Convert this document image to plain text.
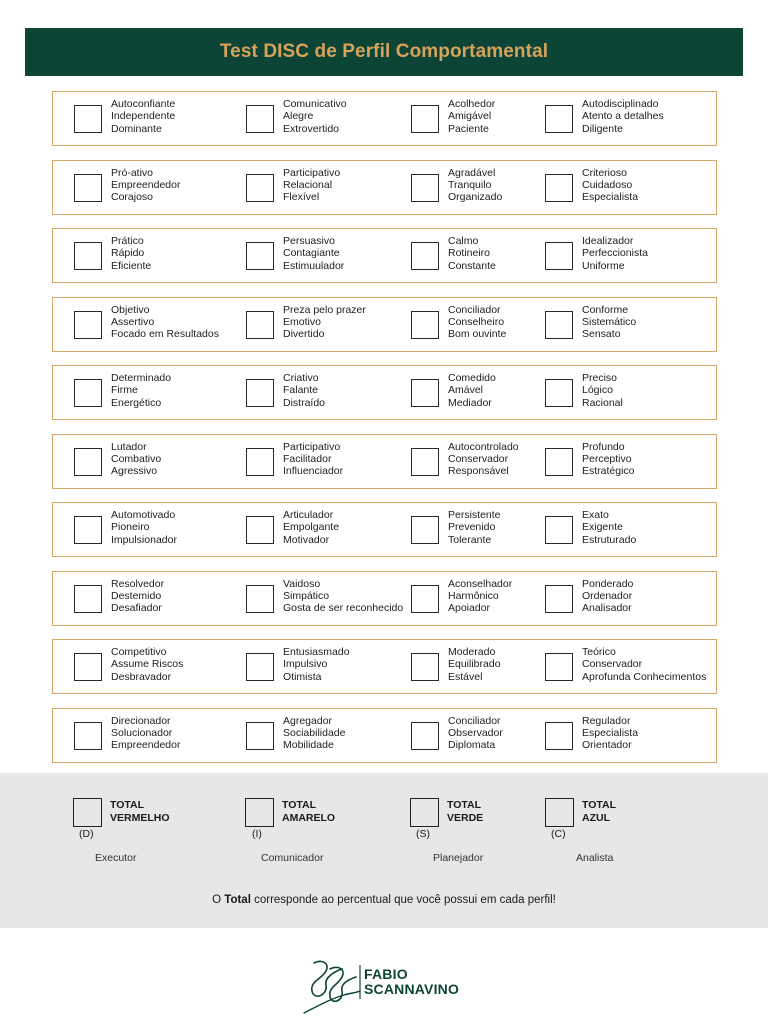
Test DISC de Perfil Comportamental
Autoconfiante
Independente
Dominante
Comunicativo
Alegre
Extrovertido
Acolhedor
Amigável
Paciente
Autodisciplinado
Atento a detalhes
Diligente
Pró-ativo
Empreendedor
Corajoso
Participativo
Relacional
Flexível
Agradável
Tranquilo
Organizado
Criterioso
Cuidadoso
Especialista
Prático
Rápido
Eficiente
Persuasivo
Contagiante
Estimuulador
Calmo
Rotineiro
Constante
Idealizador
Perfeccionista
Uniforme
Objetivo
Assertivo
Focado em Resultados
Preza pelo prazer
Emotivo
Divertido
Conciliador
Conselheiro
Bom ouvinte
Conforme
Sistemático
Sensato
Determinado
Firme
Energético
Criativo
Falante
Distraído
Comedido
Amável
Mediador
Preciso
Lógico
Racional
Lutador
Combativo
Agressivo
Participativo
Facilitador
Influenciador
Autocontrolado
Conservador
Responsável
Profundo
Perceptivo
Estratégico
Automotivado
Pioneiro
Impulsionador
Articulador
Empolgante
Motivador
Persistente
Prevenido
Tolerante
Exato
Exigente
Estruturado
Resolvedor
Destemido
Desafiador
Vaidoso
Simpático
Gosta de ser reconhecido
Aconselhador
Harmônico
Apoiador
Ponderado
Ordenador
Analisador
Competitivo
Assume Riscos
Desbravador
Entusiasmado
Impulsivo
Otimista
Moderado
Equilibrado
Estável
Teórico
Conservador
Aprofunda Conhecimentos
Direcionador
Solucionador
Empreendedor
Agregador
Sociabilidade
Mobilidade
Conciliador
Observador
Diplomata
Regulador
Especialista
Orientador
TOTAL
VERMELHO
(D)
Executor
TOTAL
AMARELO
(I)
Comunicador
TOTAL
VERDE
(S)
Planejador
TOTAL
AZUL
(C)
Analista
O Total corresponde ao percentual que você possui em cada perfil!
FABIO
SCANNAVINO
